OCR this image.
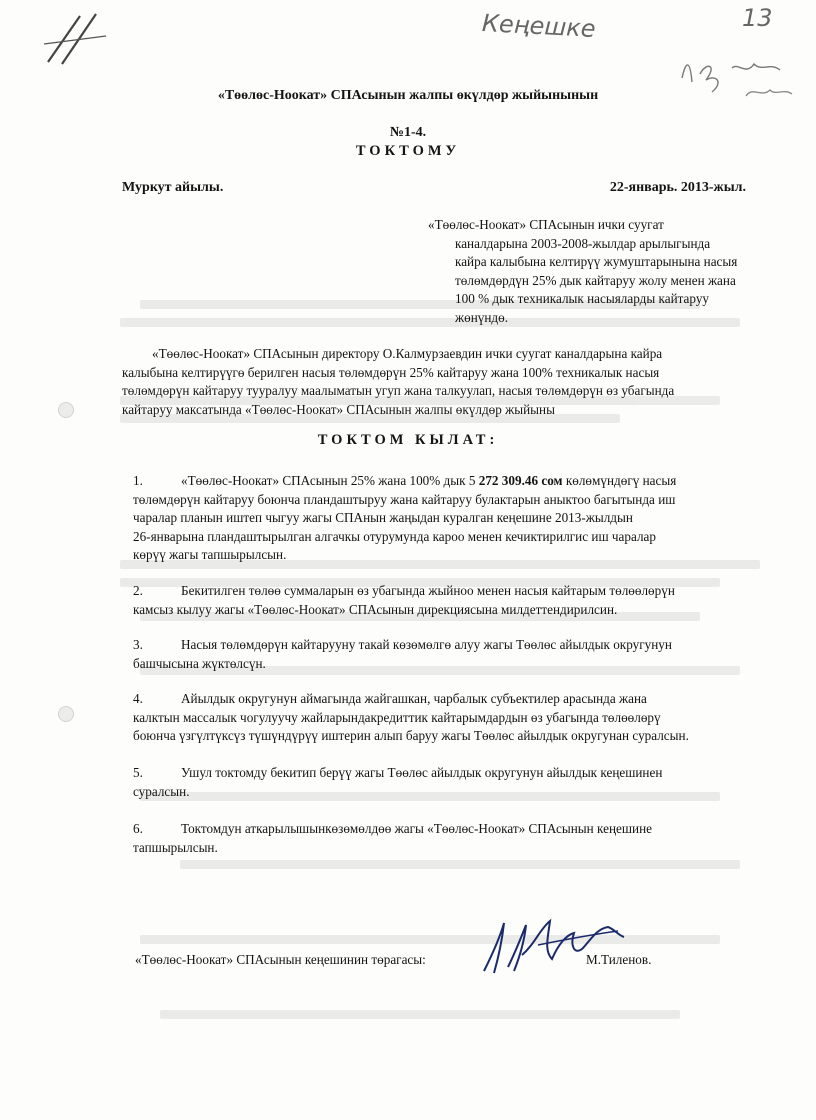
Кеңешке	13
«Төөлөс-Ноокат» СПАсынын жалпы өкүлдөр жыйынынын
№1-4.
ТОКТОМУ
Муркут айылы.	22-январь. 2013-жыл.
«Төөлөс-Ноокат» СПАсынын ички суугат
каналдарына 2003-2008-жылдар арылыгында
кайра калыбына келтирүү жумуштарынына насыя
төлөмдөрдүн 25% дык кайтаруу жолу менен жана
100 % дык техникалык насыяларды кайтаруу
жөнүндө.
«Төөлөс-Ноокат» СПАсынын директору О.Калмурзаевдин ички суугат каналдарына кайра
калыбына келтирүүгө берилген насыя төлөмдөрүн 25% кайтаруу жана 100% техникалык насыя
төлөмдөрүн кайтаруу тууралуу маалыматын угуп жана талкуулап, насыя төлөмдөрүн өз убагында
кайтаруу максатында «Төөлөс-Ноокат» СПАсынын жалпы өкүлдөр жыйыны
ТОКТОМ КЫЛАТ:
1.	«Төөлөс-Ноокат» СПАсынын 25% жана 100% дык 5 272 309.46 сом көлөмүндөгү насыя
төлөмдөрүн кайтаруу боюнча пландаштыруу жана кайтаруу булактарын аныктоо багытында иш
чаралар планын иштеп чыгуу жагы СПАнын жаңыдан куралган кеңешине 2013-жылдын
26-январына пландаштырылган алгачкы отурумунда кароо менен кечиктирилгис иш чаралар
көрүү жагы тапшырылсын.
2.	Бекитилген төлөө суммаларын өз убагында жыйноо менен насыя кайтарым төлөөлөрүн
камсыз кылуу жагы «Төөлөс-Ноокат» СПАсынын дирекциясына милдеттендирилсин.
3.	Насыя төлөмдөрүн кайтарууну такай көзөмөлгө алуу жагы Төөлөс айылдык округунун
башчысына жүктөлсүн.
4.	Айылдык округунун аймагында жайгашкан, чарбалык субъектилер арасында жана
калктын массалык чогулуучу жайларындакредиттик кайтарымдардын өз убагында төлөөлөрү
боюнча үзгүлтүксүз түшүндүрүү иштерин алып баруу жагы Төөлөс айылдык округунан суралсын.
5.	Ушул токтомду бекитип берүү жагы Төөлөс айылдык округунун айылдык кеңешинен
суралсын.
6.	Токтомдун аткарылышынкөзөмөлдөө жагы «Төөлөс-Ноокат» СПАсынын кеңешине
тапшырылсын.
«Төөлөс-Ноокат» СПАсынын кеңешинин төрагасы:	М.Тиленов.
